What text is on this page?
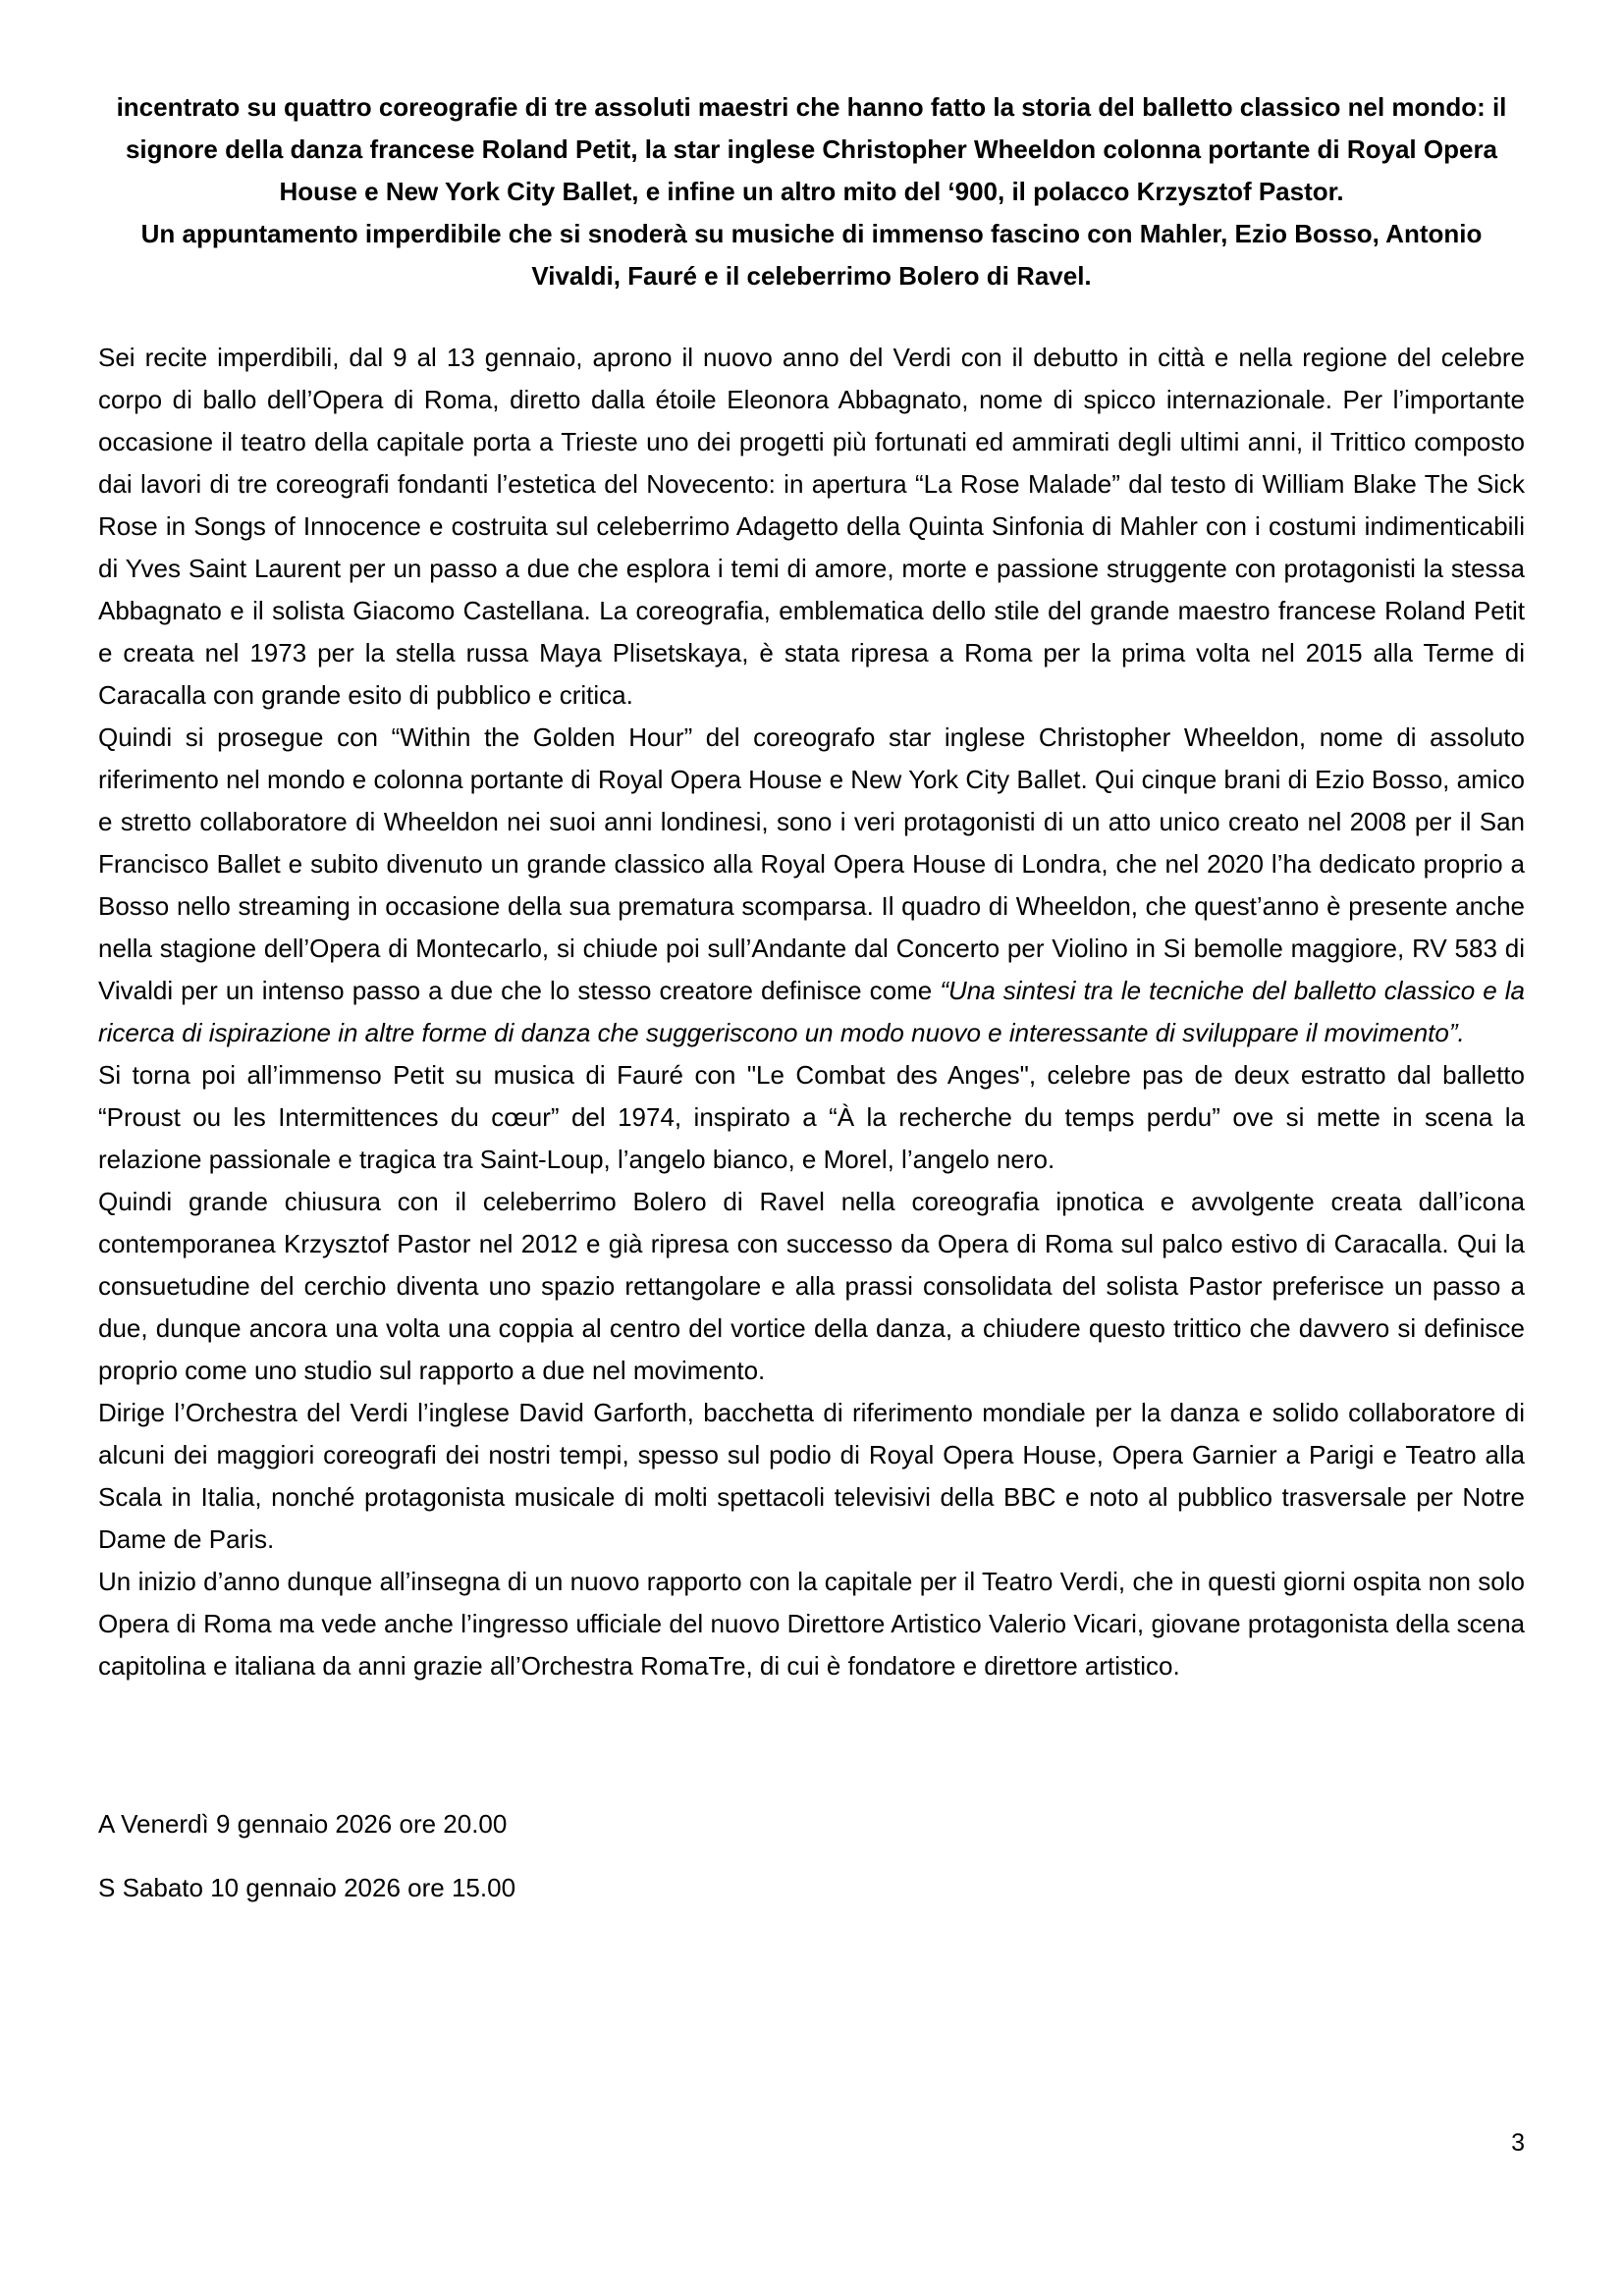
incentrato su quattro coreografie di tre assoluti maestri che hanno fatto la storia del balletto classico nel mondo: il signore della danza francese Roland Petit, la star inglese Christopher Wheeldon colonna portante di Royal Opera House e New York City Ballet, e infine un altro mito del ‘900, il polacco Krzysztof Pastor.

Un appuntamento imperdibile che si snoderà su musiche di immenso fascino con Mahler, Ezio Bosso, Antonio Vivaldi, Fauré e il celeberrimo Bolero di Ravel.

Sei recite imperdibili, dal 9 al 13 gennaio, aprono il nuovo anno del Verdi con il debutto in città e nella regione del celebre corpo di ballo dell’Opera di Roma, diretto dalla étoile Eleonora Abbagnato, nome di spicco internazionale. Per l’importante occasione il teatro della capitale porta a Trieste uno dei progetti più fortunati ed ammirati degli ultimi anni, il Trittico composto dai lavori di tre coreografi fondanti l’estetica del Novecento: in apertura “La Rose Malade” dal testo di William Blake The Sick Rose in Songs of Innocence e costruita sul celeberrimo Adagetto della Quinta Sinfonia di Mahler con i costumi indimenticabili di Yves Saint Laurent per un passo a due che esplora i temi di amore, morte e passione struggente con protagonisti la stessa Abbagnato e il solista Giacomo Castellana. La coreografia, emblematica dello stile del grande maestro francese Roland Petit e creata nel 1973 per la stella russa Maya Plisetskaya, è stata ripresa a Roma per la prima volta nel 2015 alla Terme di Caracalla con grande esito di pubblico e critica.

Quindi si prosegue con “Within the Golden Hour” del coreografo star inglese Christopher Wheeldon, nome di assoluto riferimento nel mondo e colonna portante di Royal Opera House e New York City Ballet. Qui cinque brani di Ezio Bosso, amico e stretto collaboratore di Wheeldon nei suoi anni londinesi, sono i veri protagonisti di un atto unico creato nel 2008 per il San Francisco Ballet e subito divenuto un grande classico alla Royal Opera House di Londra, che nel 2020 l’ha dedicato proprio a Bosso nello streaming in occasione della sua prematura scomparsa. Il quadro di Wheeldon, che quest’anno è presente anche nella stagione dell’Opera di Montecarlo, si chiude poi sull’Andante dal Concerto per Violino in Si bemolle maggiore, RV 583 di Vivaldi per un intenso passo a due che lo stesso creatore definisce come “Una sintesi tra le tecniche del balletto classico e la ricerca di ispirazione in altre forme di danza che suggeriscono un modo nuovo e interessante di sviluppare il movimento”.

Si torna poi all’immenso Petit su musica di Fauré con "Le Combat des Anges", celebre pas de deux estratto dal balletto “Proust ou les Intermittences du cœur” del 1974, inspirato a “À la recherche du temps perdu” ove si mette in scena la relazione passionale e tragica tra Saint-Loup, l’angelo bianco, e Morel, l’angelo nero.

Quindi grande chiusura con il celeberrimo Bolero di Ravel nella coreografia ipnotica e avvolgente creata dall’icona contemporanea Krzysztof Pastor nel 2012 e già ripresa con successo da Opera di Roma sul palco estivo di Caracalla. Qui la consuetudine del cerchio diventa uno spazio rettangolare e alla prassi consolidata del solista Pastor preferisce un passo a due, dunque ancora una volta una coppia al centro del vortice della danza, a chiudere questo trittico che davvero si definisce proprio come uno studio sul rapporto a due nel movimento.

Dirige l’Orchestra del Verdi l’inglese David Garforth, bacchetta di riferimento mondiale per la danza e solido collaboratore di alcuni dei maggiori coreografi dei nostri tempi, spesso sul podio di Royal Opera House, Opera Garnier a Parigi e Teatro alla Scala in Italia, nonché protagonista musicale di molti spettacoli televisivi della BBC e noto al pubblico trasversale per Notre Dame de Paris.

Un inizio d’anno dunque all’insegna di un nuovo rapporto con la capitale per il Teatro Verdi, che in questi giorni ospita non solo Opera di Roma ma vede anche l’ingresso ufficiale del nuovo Direttore Artistico Valerio Vicari, giovane protagonista della scena capitolina e italiana da anni grazie all’Orchestra RomaTre, di cui è fondatore e direttore artistico.

A Venerdì 9 gennaio 2026 ore 20.00

S Sabato 10 gennaio 2026 ore 15.00

3
